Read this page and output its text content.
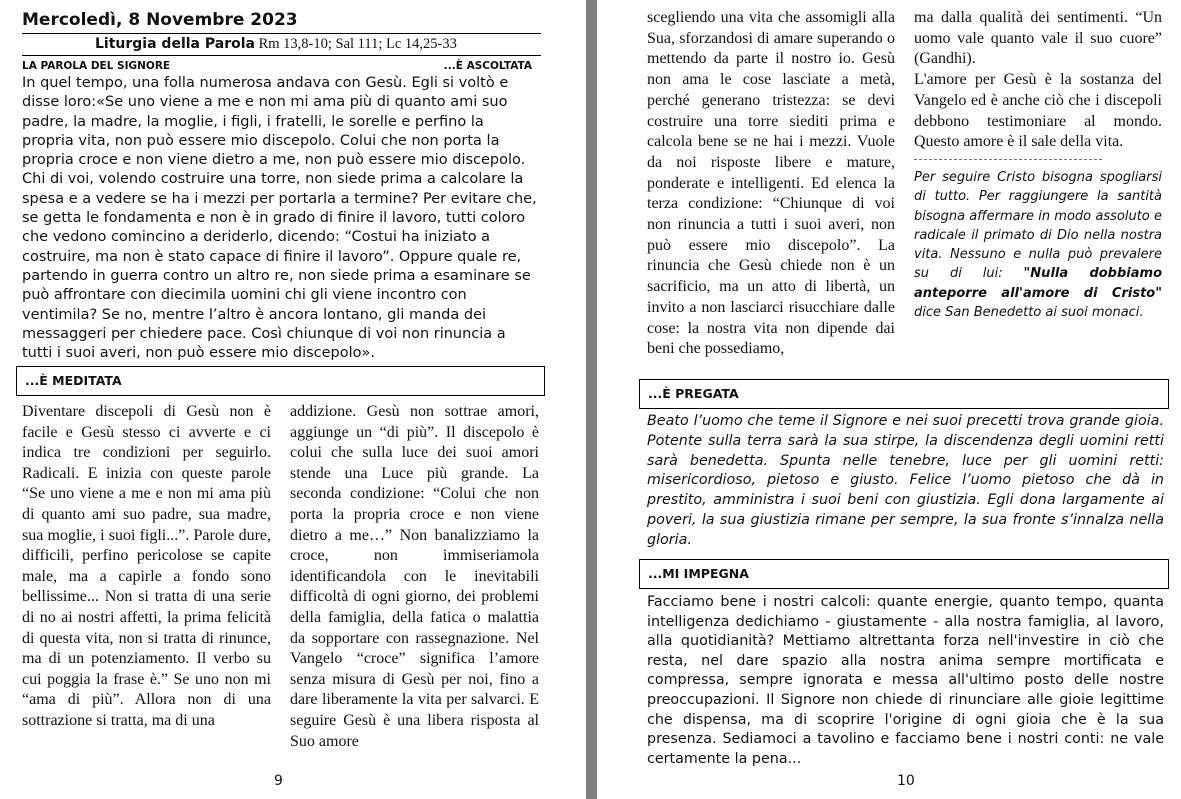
Mercoledì, 8 Novembre 2023
Liturgia della Parola Rm 13,8-10; Sal 111; Lc 14,25-33
LA PAROLA DEL SIGNORE	...È ASCOLTATA

In quel tempo, una folla numerosa andava con Gesù. Egli si voltò e disse loro:«Se uno viene a me e non mi ama più di quanto ami suo padre, la madre, la moglie, i figli, i fratelli, le sorelle e perfino la propria vita, non può essere mio discepolo. Colui che non porta la propria croce e non viene dietro a me, non può essere mio discepolo. Chi di voi, volendo costruire una torre, non siede prima a calcolare la spesa e a vedere se ha i mezzi per portarla a termine? Per evitare che, se getta le fondamenta e non è in grado di finire il lavoro, tutti coloro che vedono comincino a deriderlo, dicendo: “Costui ha iniziato a costruire, ma non è stato capace di finire il lavoro”. Oppure quale re, partendo in guerra contro un altro re, non siede prima a esaminare se può affrontare con diecimila uomini chi gli viene incontro con ventimila? Se no, mentre l’altro è ancora lontano, gli manda dei messaggeri per chiedere pace. Così chiunque di voi non rinuncia a tutti i suoi averi, non può essere mio discepolo».

...È MEDITATA

Diventare discepoli di Gesù non è facile e Gesù stesso ci avverte e ci indica tre condizioni per seguirlo. Radicali. E inizia con queste parole “Se uno viene a me e non mi ama più di quanto ami suo padre, sua madre, sua moglie, i suoi figli...”. Parole dure, difficili, perfino pericolose se capite male, ma a capirle a fondo sono bellissime... Non si tratta di una serie di no ai nostri affetti, la prima felicità di questa vita, non si tratta di rinunce, ma di un potenziamento. Il verbo su cui poggia la frase è.” Se uno non mi “ama di più”. Allora non di una sottrazione si tratta, ma di una

addizione. Gesù non sottrae amori, aggiunge un “di più”. Il discepolo è colui che sulla luce dei suoi amori stende una Luce più grande. La seconda condizione: “Colui che non porta la propria croce e non viene dietro a me…” Non banalizziamo la croce, non immiseriamola identificandola con le inevitabili difficoltà di ogni giorno, dei problemi della famiglia, della fatica o malattia da sopportare con rassegnazione. Nel Vangelo “croce” significa l’amore senza misura di Gesù per noi, fino a dare liberamente la vita per salvarci. E seguire Gesù è una libera risposta al Suo amore

9

scegliendo una vita che assomigli alla Sua, sforzandosi di amare superando o mettendo da parte il nostro io. Gesù non ama le cose lasciate a metà, perché generano tristezza: se devi costruire una torre siediti prima e calcola bene se ne hai i mezzi. Vuole da noi risposte libere e mature, ponderate e intelligenti. Ed elenca la terza condizione: “Chiunque di voi non rinuncia a tutti i suoi averi, non può essere mio discepolo”. La rinuncia che Gesù chiede non è un sacrificio, ma un atto di libertà, un invito a non lasciarci risucchiare dalle cose: la nostra vita non dipende dai beni che possediamo,

ma dalla qualità dei sentimenti. “Un uomo vale quanto vale il suo cuore” (Gandhi).

L'amore per Gesù è la sostanza del Vangelo ed è anche ciò che i discepoli debbono testimoniare al mondo. Questo amore è il sale della vita.

Per seguire Cristo bisogna spogliarsi di tutto. Per raggiungere la santità bisogna affermare in modo assoluto e radicale il primato di Dio nella nostra vita. Nessuno e nulla può prevalere su di lui: "Nulla dobbiamo anteporre all'amore di Cristo" dice San Benedetto ai suoi monaci.

...È PREGATA

Beato l’uomo che teme il Signore e nei suoi precetti trova grande gioia. Potente sulla terra sarà la sua stirpe, la discendenza degli uomini retti sarà benedetta. Spunta nelle tenebre, luce per gli uomini retti: misericordioso, pietoso e giusto. Felice l’uomo pietoso che dà in prestito, amministra i suoi beni con giustizia. Egli dona largamente ai poveri, la sua giustizia rimane per sempre, la sua fronte s’innalza nella gloria.

...MI IMPEGNA

Facciamo bene i nostri calcoli: quante energie, quanto tempo, quanta intelligenza dedichiamo - giustamente - alla nostra famiglia, al lavoro, alla quotidianità? Mettiamo altrettanta forza nell'investire in ciò che resta, nel dare spazio alla nostra anima sempre mortificata e compressa, sempre ignorata e messa all'ultimo posto delle nostre preoccupazioni. Il Signore non chiede di rinunciare alle gioie legittime che dispensa, ma di scoprire l'origine di ogni gioia che è la sua presenza. Sediamoci a tavolino e facciamo bene i nostri conti: ne vale certamente la pena...

10
